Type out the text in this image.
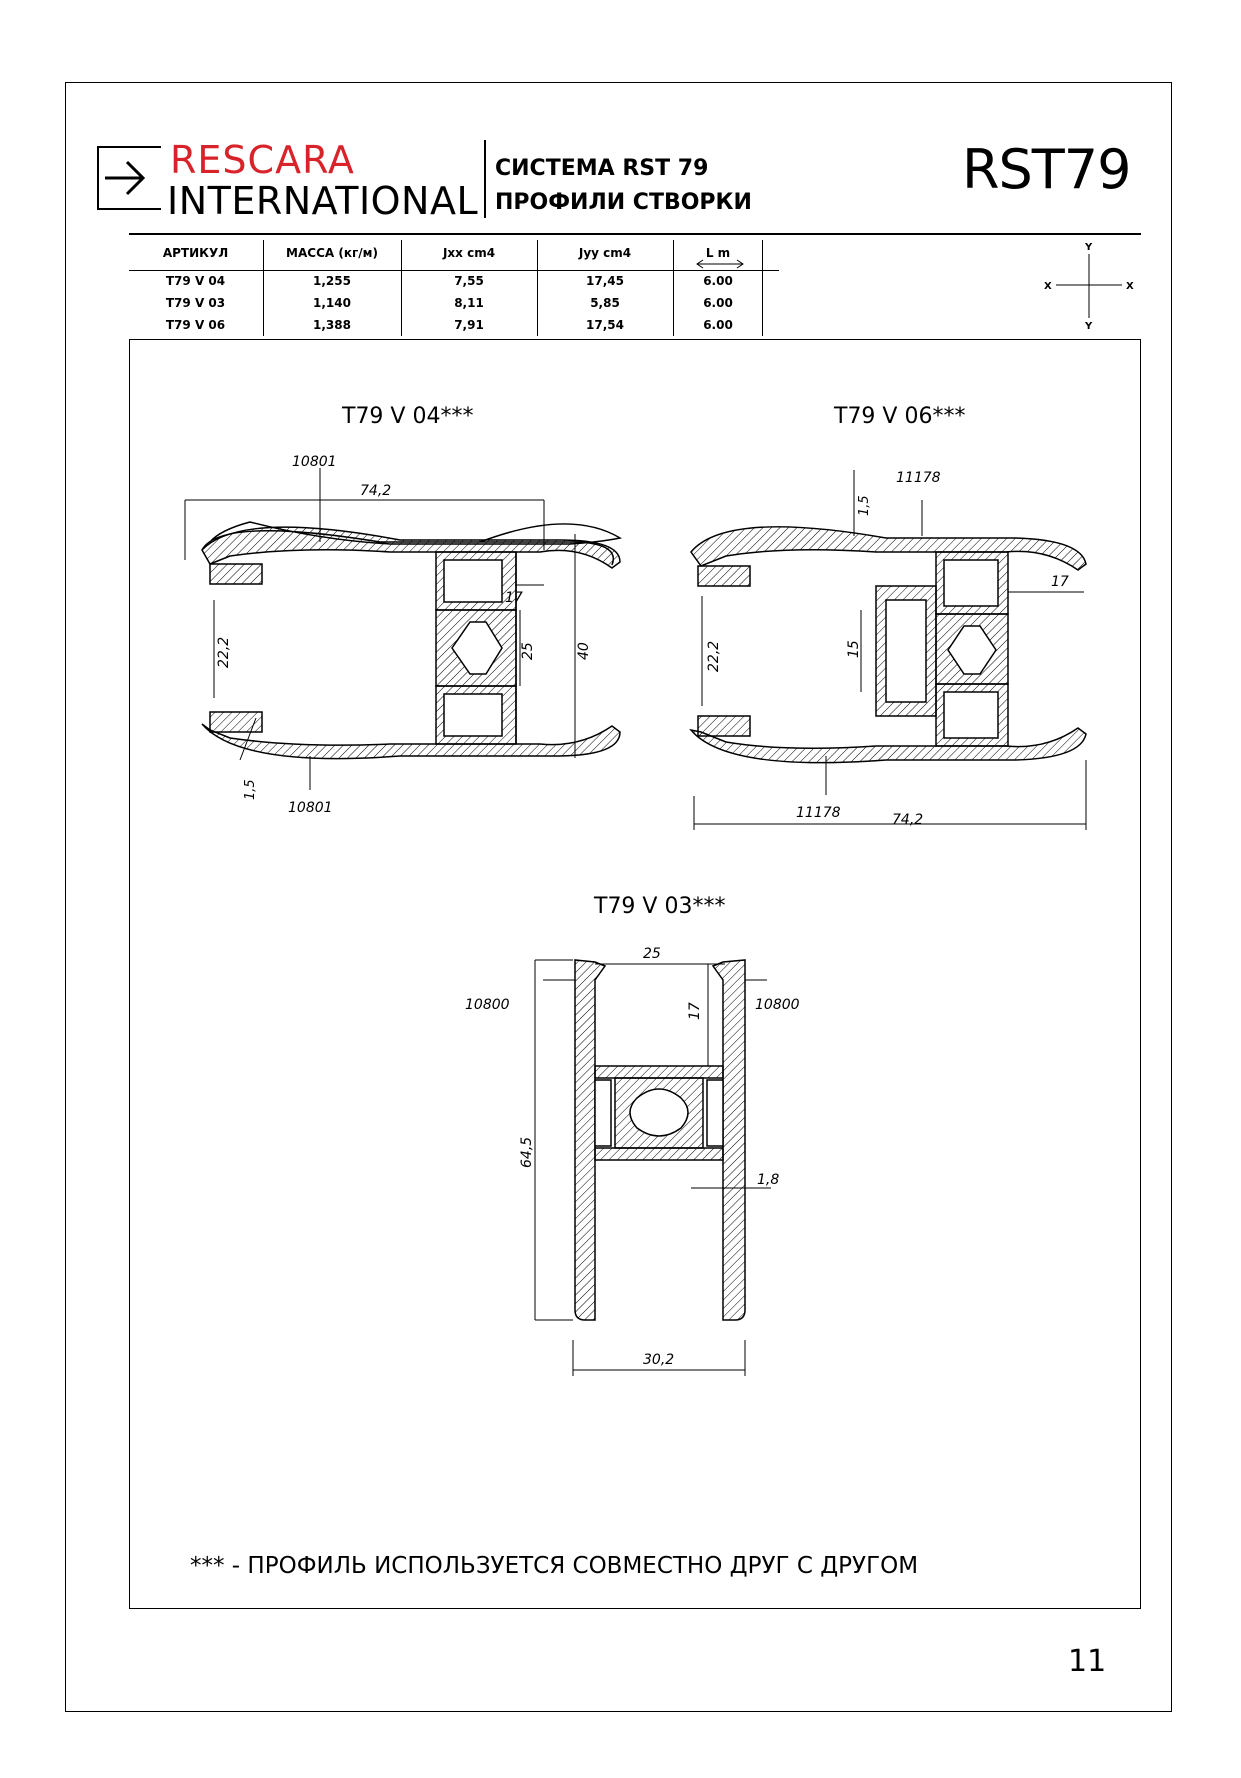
RESCARA
INTERNATIONAL
СИСТЕМА RST 79
ПРОФИЛИ СТВОРКИ
RST79
АРТИКУЛ	МАССА (кг/м)	Jxx cm4	Jyy cm4	L m
T79 V 04	1,255	7,55	17,45	6.00
T79 V 03	1,140	8,11	5,85	6.00
T79 V 06	1,388	7,91	17,54	6.00
Y
Y
X	X
T79 V 04***	T79 V 06***
T79 V 03***
10801
74,2
17
25	40
22,2
1,5
10801
11178
1,5
17
15
22,2
11178	74,2
25
10800	10800
17
64,5
1,8
30,2
*** - ПРОФИЛЬ ИСПОЛЬЗУЕТСЯ СОВМЕСТНО ДРУГ С ДРУГОМ
11
